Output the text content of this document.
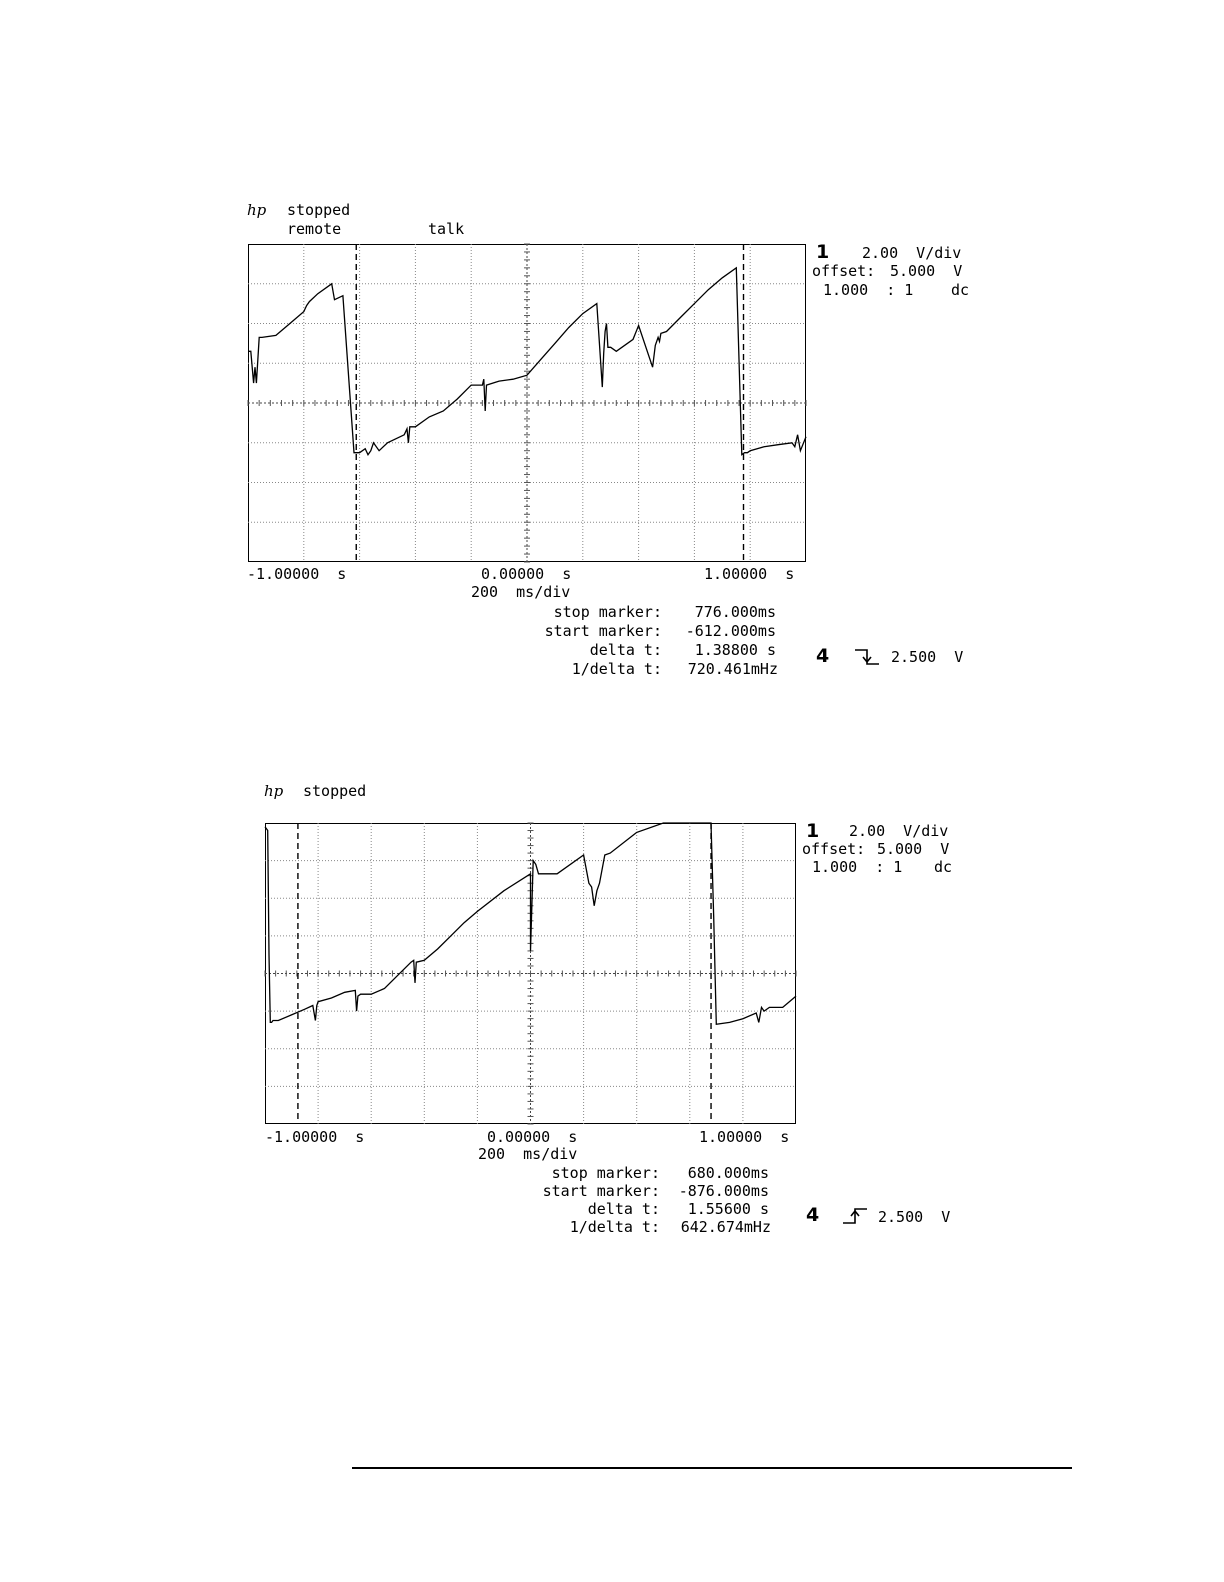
hp stopped
remote	talk
1 2.00  V/div
offset: 5.000  V
1.000  : 1	dc
-1.00000  s	0.00000  s	1.00000  s
200  ms/div
stop marker:	776.000ms
start marker:	-612.000ms
delta t:	1.38800 s
1/delta t:	720.461mHz
4	2.500  V
hp stopped
1 2.00  V/div
offset: 5.000  V
1.000  : 1 dc
-1.00000  s	0.00000  s	1.00000  s
200  ms/div
stop marker:	680.000ms
start marker:	-876.000ms
delta t:	1.55600 s
1/delta t:	642.674mHz
4	2.500  V
